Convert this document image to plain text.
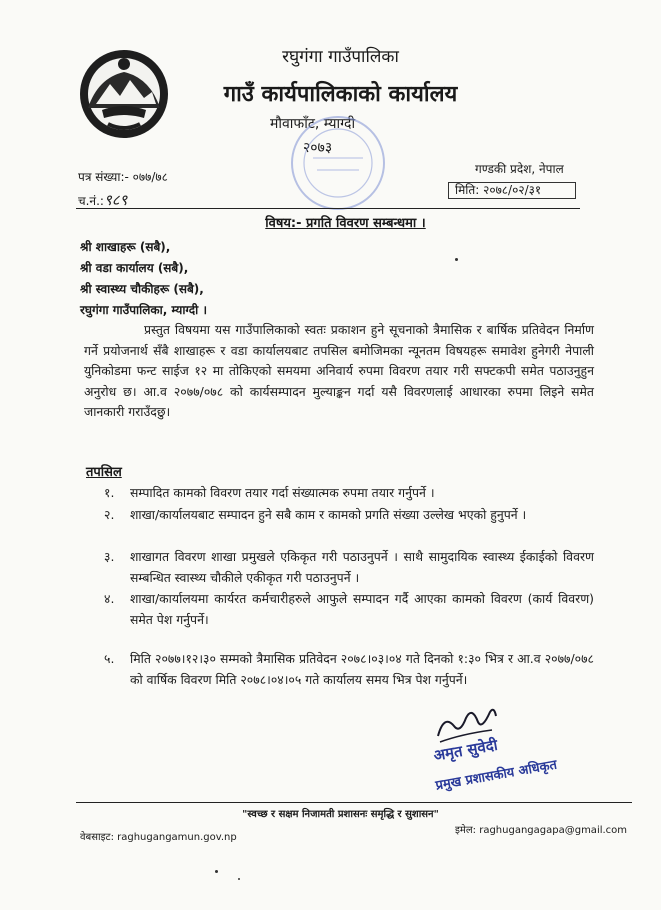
रघुगंगा गाउँपालिका
गाउँ कार्यपालिकाको कार्यालय
मौवाफाँट, म्याग्दी
२०७३
पत्र संख्या:- ०७७/७८
च.नं.:९८९
गण्डकी प्रदेश, नेपाल
मिति: २०७८/०२/३१
विषय:- प्रगति विवरण सम्बन्धमा ।
श्री शाखाहरू (सबै),
श्री वडा कार्यालय (सबै),
श्री स्वास्थ्य चौकीहरू (सबै),
रघुगंगा गाउँपालिका, म्याग्दी ।
प्रस्तुत विषयमा यस गाउँपालिकाको स्वतः प्रकाशन हुने सूचनाको त्रैमासिक र बार्षिक प्रतिवेदन निर्माण गर्ने प्रयोजनार्थ सँबै शाखाहरू र वडा कार्यालयबाट तपसिल बमोजिमका न्यूनतम विषयहरू समावेश हुनेगरी नेपाली युनिकोडमा फन्ट साईज १२ मा तोकिएको समयमा अनिवार्य रुपमा विवरण तयार गरी सफ्टकपी समेत पठाउनुहुन अनुरोध छ। आ.व २०७७/०७८ को कार्यसम्पादन मुल्याङ्कन गर्दा यसै विवरणलाई आधारका रुपमा लिइने समेत जानकारी गराउँदछु।
तपसिल
१.	सम्पादित कामको विवरण तयार गर्दा संख्यात्मक रुपमा तयार गर्नुपर्ने ।
२.	शाखा/कार्यालयबाट सम्पादन हुने सबै काम र कामको प्रगति संख्या उल्लेख भएको हुनुपर्ने ।
३.	शाखागत विवरण शाखा प्रमुखले एकिकृत गरी पठाउनुपर्ने । साथै सामुदायिक स्वास्थ्य ईकाईको विवरण सम्बन्धित स्वास्थ्य चौकीले एकीकृत गरी पठाउनुपर्ने ।
४.	शाखा/कार्यालयमा कार्यरत कर्मचारीहरुले आफुले सम्पादन गर्दै आएका कामको विवरण (कार्य विवरण) समेत पेश गर्नुपर्ने।
५.	मिति २०७७।१२।३० सम्मको त्रैमासिक प्रतिवेदन २०७८।०३।०४ गते दिनको १:३० भित्र र आ.व २०७७/०७८ को वार्षिक विवरण मिति २०७८।०४।०५ गते कार्यालय समय भित्र पेश गर्नुपर्ने।
अमृत सुवेदी
प्रमुख प्रशासकीय अधिकृत
"स्वच्छ र सक्षम निजामती प्रशासनः समृद्धि र सुशासन"
वेबसाइट: raghugangamun.gov.np
इमेल: raghugangagapa@gmail.com
